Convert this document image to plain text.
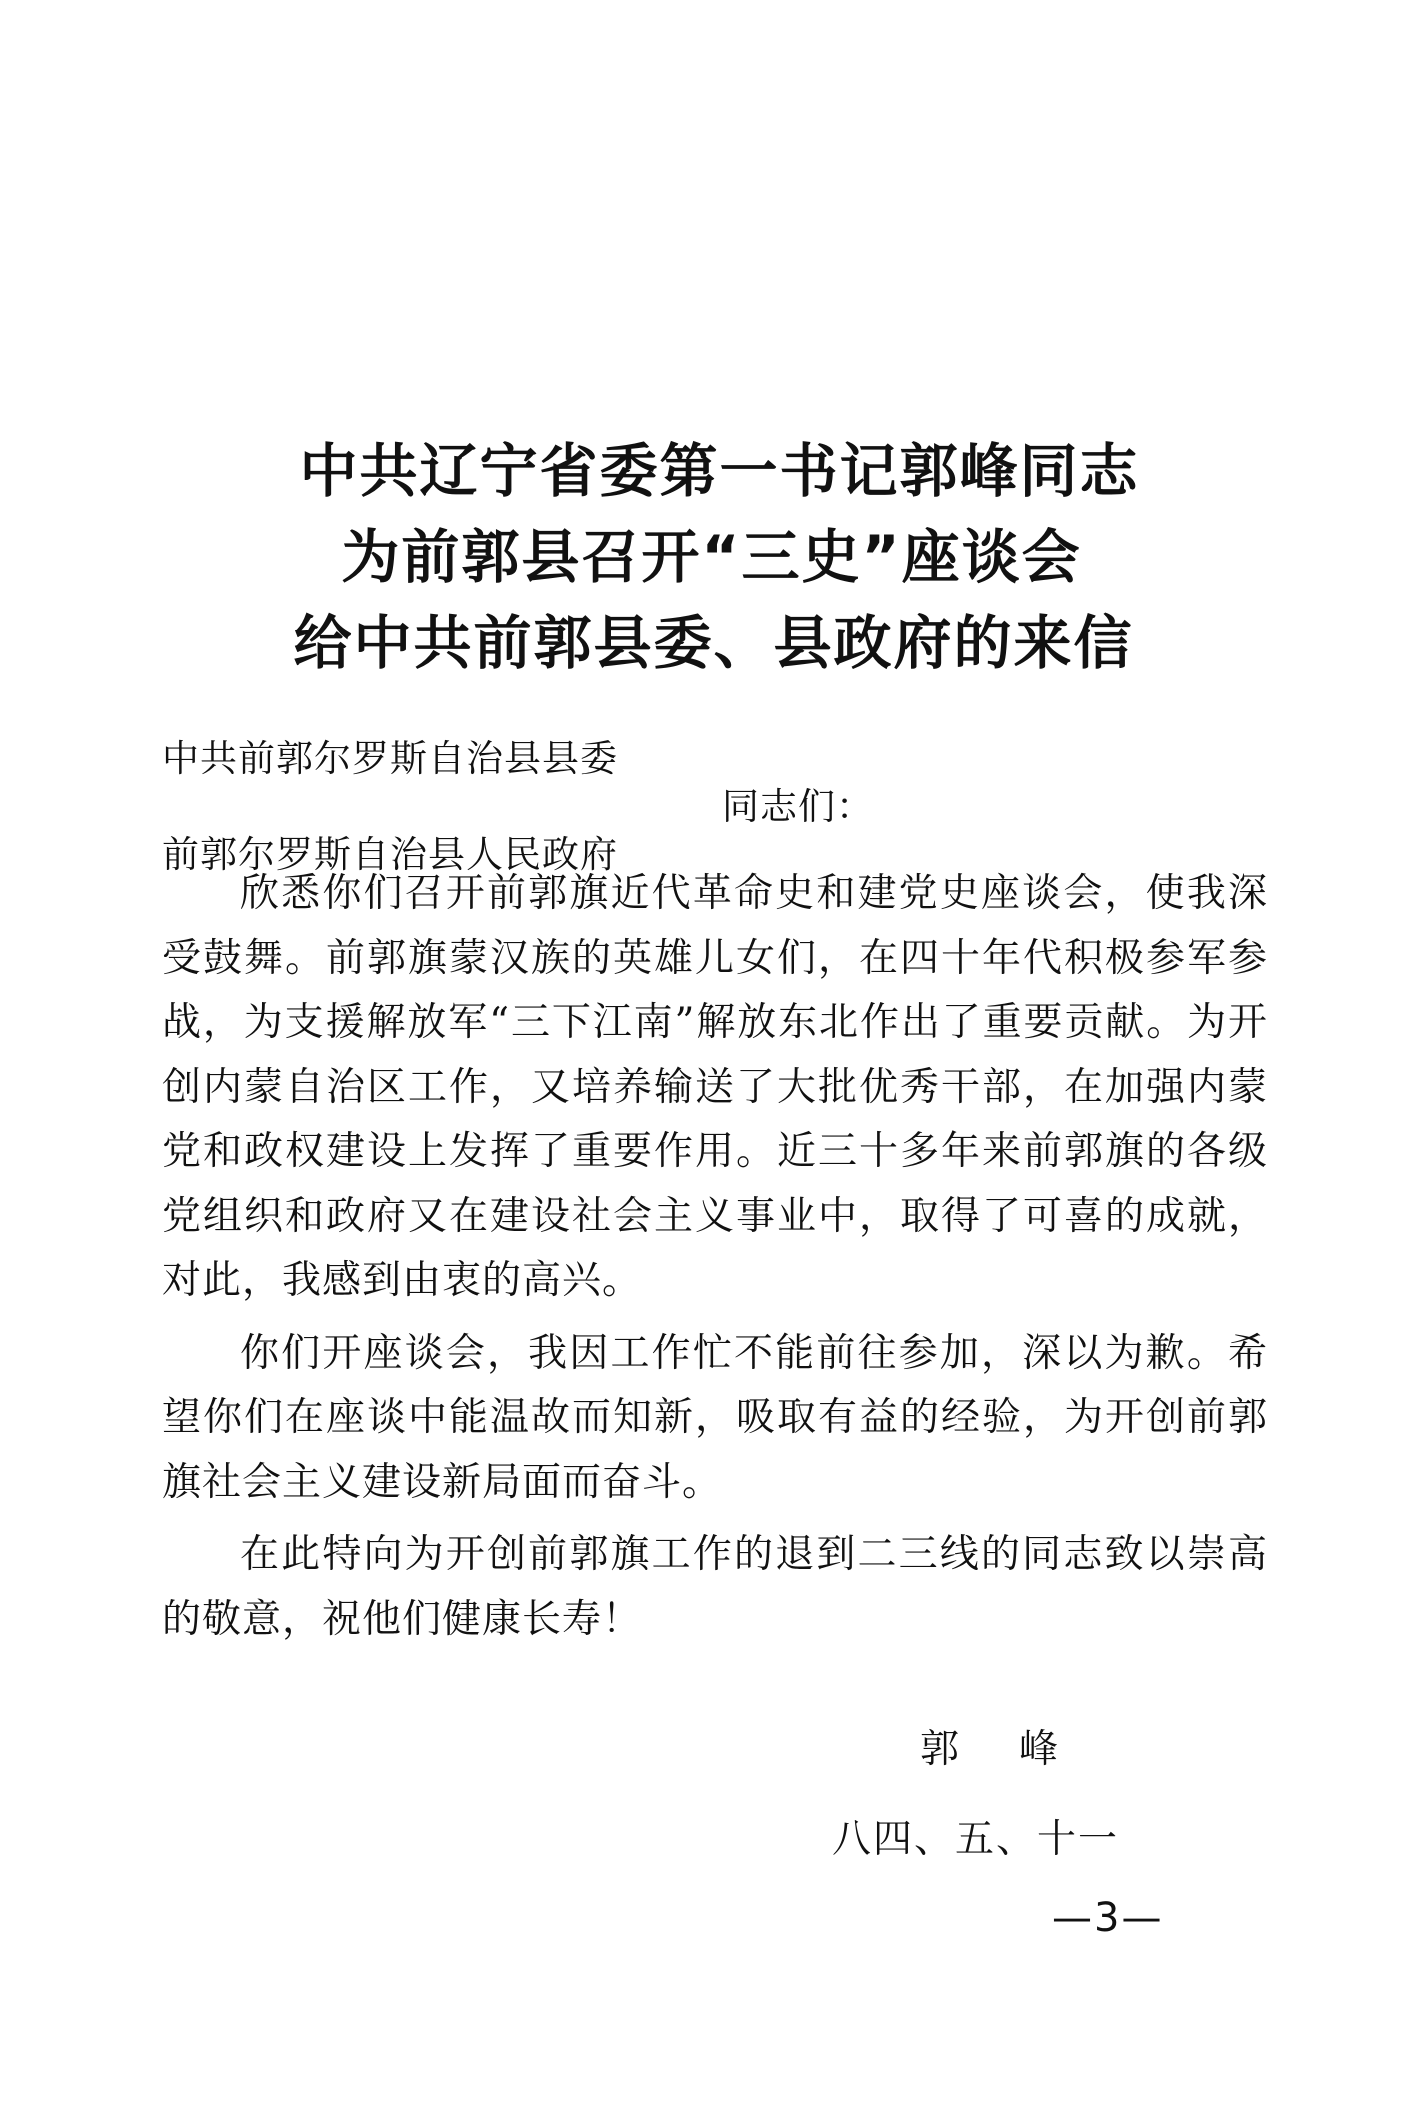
中共辽宁省委第一书记郭峰同志
为前郭县召开“三史”座谈会
给中共前郭县委、县政府的来信
中共前郭尔罗斯自治县县委
同志们：
前郭尔罗斯自治县人民政府

欣悉你们召开前郭旗近代革命史和建党史座谈会，使我深受鼓舞。前郭旗蒙汉族的英雄儿女们，在四十年代积极参军参战，为支援解放军“三下江南”解放东北作出了重要贡献。为开创内蒙自治区工作，又培养输送了大批优秀干部，在加强内蒙党和政权建设上发挥了重要作用。近三十多年来前郭旗的各级党组织和政府又在建设社会主义事业中，取得了可喜的成就，对此，我感到由衷的高兴。

你们开座谈会，我因工作忙不能前往参加，深以为歉。希望你们在座谈中能温故而知新，吸取有益的经验，为开创前郭旗社会主义建设新局面而奋斗。

在此特向为开创前郭旗工作的退到二三线的同志致以崇高的敬意，祝他们健康长寿！

郭峰
八四、五、十一
—3—
